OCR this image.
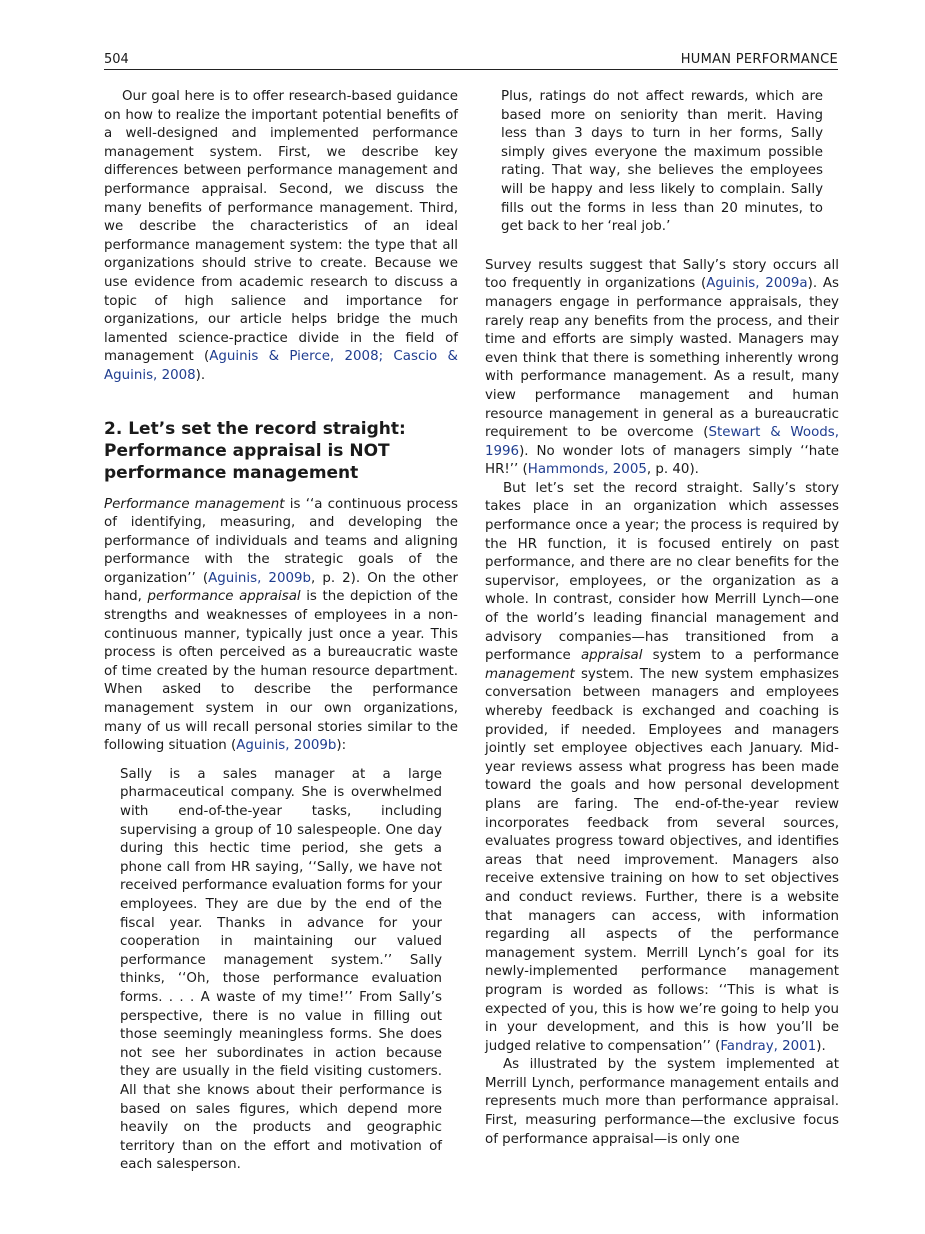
504	HUMAN PERFORMANCE

Our goal here is to offer research-based guidance on how to realize the important potential benefits of a well-designed and implemented performance management system. First, we describe key differences between performance management and performance appraisal. Second, we discuss the many benefits of performance management. Third, we describe the characteristics of an ideal performance management system: the type that all organizations should strive to create. Because we use evidence from academic research to discuss a topic of high salience and importance for organizations, our article helps bridge the much lamented science-practice divide in the field of management (Aguinis & Pierce, 2008; Cascio & Aguinis, 2008).

2. Let’s set the record straight:
Performance appraisal is NOT
performance management

Performance management is ‘‘a continuous process of identifying, measuring, and developing the performance of individuals and teams and aligning performance with the strategic goals of the organization’’ (Aguinis, 2009b, p. 2). On the other hand, performance appraisal is the depiction of the strengths and weaknesses of employees in a non-continuous manner, typically just once a year. This process is often perceived as a bureaucratic waste of time created by the human resource department. When asked to describe the performance management system in our own organizations, many of us will recall personal stories similar to the following situation (Aguinis, 2009b):

Sally is a sales manager at a large pharmaceutical company. She is overwhelmed with end-of-the-year tasks, including supervising a group of 10 salespeople. One day during this hectic time period, she gets a phone call from HR saying, ‘‘Sally, we have not received performance evaluation forms for your employees. They are due by the end of the fiscal year. Thanks in advance for your cooperation in maintaining our valued performance management system.’’ Sally thinks, ‘‘Oh, those performance evaluation forms. . . . A waste of my time!’’ From Sally’s perspective, there is no value in filling out those seemingly meaningless forms. She does not see her subordinates in action because they are usually in the field visiting customers. All that she knows about their performance is based on sales figures, which depend more heavily on the products and geographic territory than on the effort and motivation of each salesperson.

Plus, ratings do not affect rewards, which are based more on seniority than merit. Having less than 3 days to turn in her forms, Sally simply gives everyone the maximum possible rating. That way, she believes the employees will be happy and less likely to complain. Sally fills out the forms in less than 20 minutes, to get back to her ‘real job.’

Survey results suggest that Sally’s story occurs all too frequently in organizations (Aguinis, 2009a). As managers engage in performance appraisals, they rarely reap any benefits from the process, and their time and efforts are simply wasted. Managers may even think that there is something inherently wrong with performance management. As a result, many view performance management and human resource management in general as a bureaucratic requirement to be overcome (Stewart & Woods, 1996). No wonder lots of managers simply ‘‘hate HR!’’ (Hammonds, 2005, p. 40).

But let’s set the record straight. Sally’s story takes place in an organization which assesses performance once a year; the process is required by the HR function, it is focused entirely on past performance, and there are no clear benefits for the supervisor, employees, or the organization as a whole. In contrast, consider how Merrill Lynch—one of the world’s leading financial management and advisory companies—has transitioned from a performance appraisal system to a performance management system. The new system emphasizes conversation between managers and employees whereby feedback is exchanged and coaching is provided, if needed. Employees and managers jointly set employee objectives each January. Mid-year reviews assess what progress has been made toward the goals and how personal development plans are faring. The end-of-the-year review incorporates feedback from several sources, evaluates progress toward objectives, and identifies areas that need improvement. Managers also receive extensive training on how to set objectives and conduct reviews. Further, there is a website that managers can access, with information regarding all aspects of the performance management system. Merrill Lynch’s goal for its newly-implemented performance management program is worded as follows: ‘‘This is what is expected of you, this is how we’re going to help you in your development, and this is how you’ll be judged relative to compensation’’ (Fandray, 2001).

As illustrated by the system implemented at Merrill Lynch, performance management entails and represents much more than performance appraisal. First, measuring performance—the exclusive focus of performance appraisal—is only one
